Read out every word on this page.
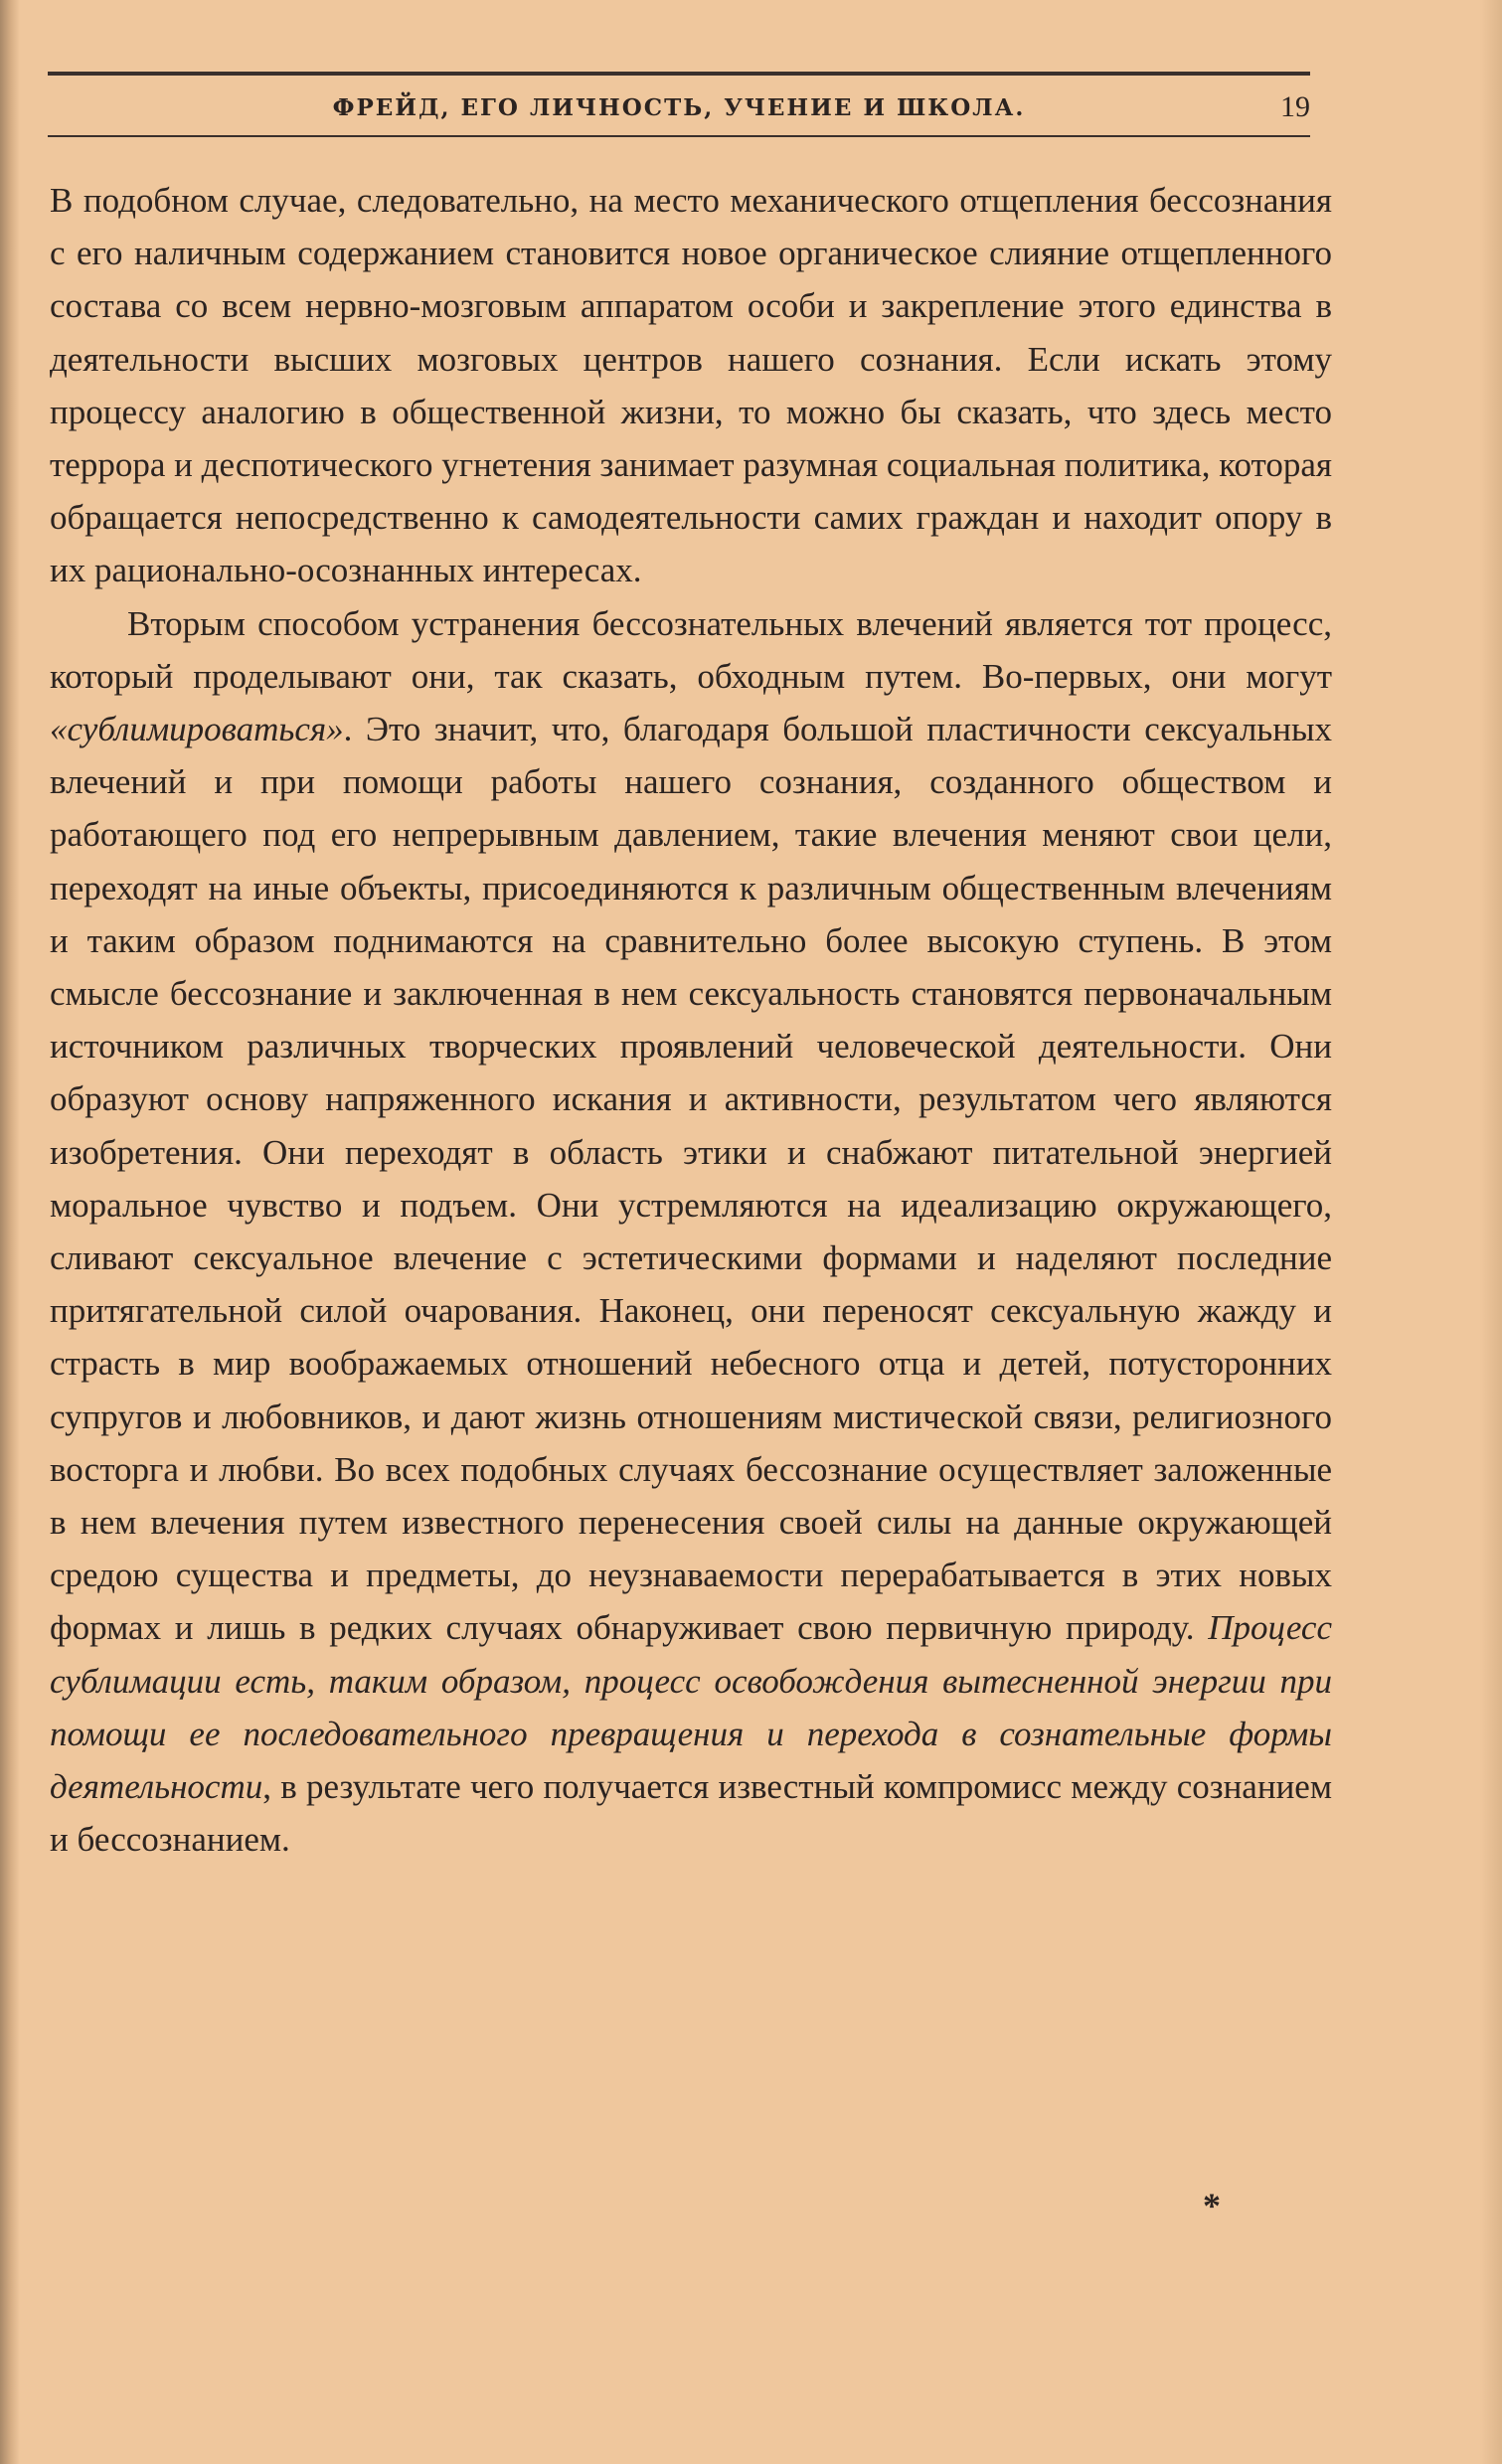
ФРЕЙД, ЕГО ЛИЧНОСТЬ, УЧЕНИЕ И ШКОЛА.	19

В подобном случае, следовательно, на место механического отщепления бессознания с его наличным содержанием становится новое органическое слияние отщепленного состава со всем нервно-мозговым аппаратом особи и закрепление этого единства в деятельности высших мозговых центров нашего сознания. Если искать этому процессу аналогию в общественной жизни, то можно бы сказать, что здесь место террора и деспотического угнетения занимает разумная социальная политика, которая обращается непосредственно к самодеятельности самих граждан и находит опору в их рационально-осознанных интересах.

Вторым способом устранения бессознательных влечений является тот процесс, который проделывают они, так сказать, обходным путем. Во-первых, они могут «сублимироваться». Это значит, что, благодаря большой пластичности сексуальных влечений и при помощи работы нашего сознания, созданного обществом и работающего под его непрерывным давлением, такие влечения меняют свои цели, переходят на иные объекты, присоединяются к различным общественным влечениям и таким образом поднимаются на сравнительно более высокую ступень. В этом смысле бессознание и заключенная в нем сексуальность становятся первоначальным источником различных творческих проявлений человеческой деятельности. Они образуют основу напряженного искания и активности, результатом чего являются изобретения. Они переходят в область этики и снабжают питательной энергией моральное чувство и подъем. Они устремляются на идеализацию окружающего, сливают сексуальное влечение с эстетическими формами и наделяют последние притягательной силой очарования. Наконец, они переносят сексуальную жажду и страсть в мир воображаемых отношений небесного отца и детей, потусторонних супругов и любовников, и дают жизнь отношениям мистической связи, религиозного восторга и любви. Во всех подобных случаях бессознание осуществляет заложенные в нем влечения путем известного перенесения своей силы на данные окружающей средою существа и предметы, до неузнаваемости перерабатывается в этих новых формах и лишь в редких случаях обнаруживает свою первичную природу. Процесс сублимации есть, таким образом, процесс освобождения вытесненной энергии при помощи ее последовательного превращения и перехода в сознательные формы деятельности, в результате чего получается известный компромисс между сознанием и бессознанием.

*
